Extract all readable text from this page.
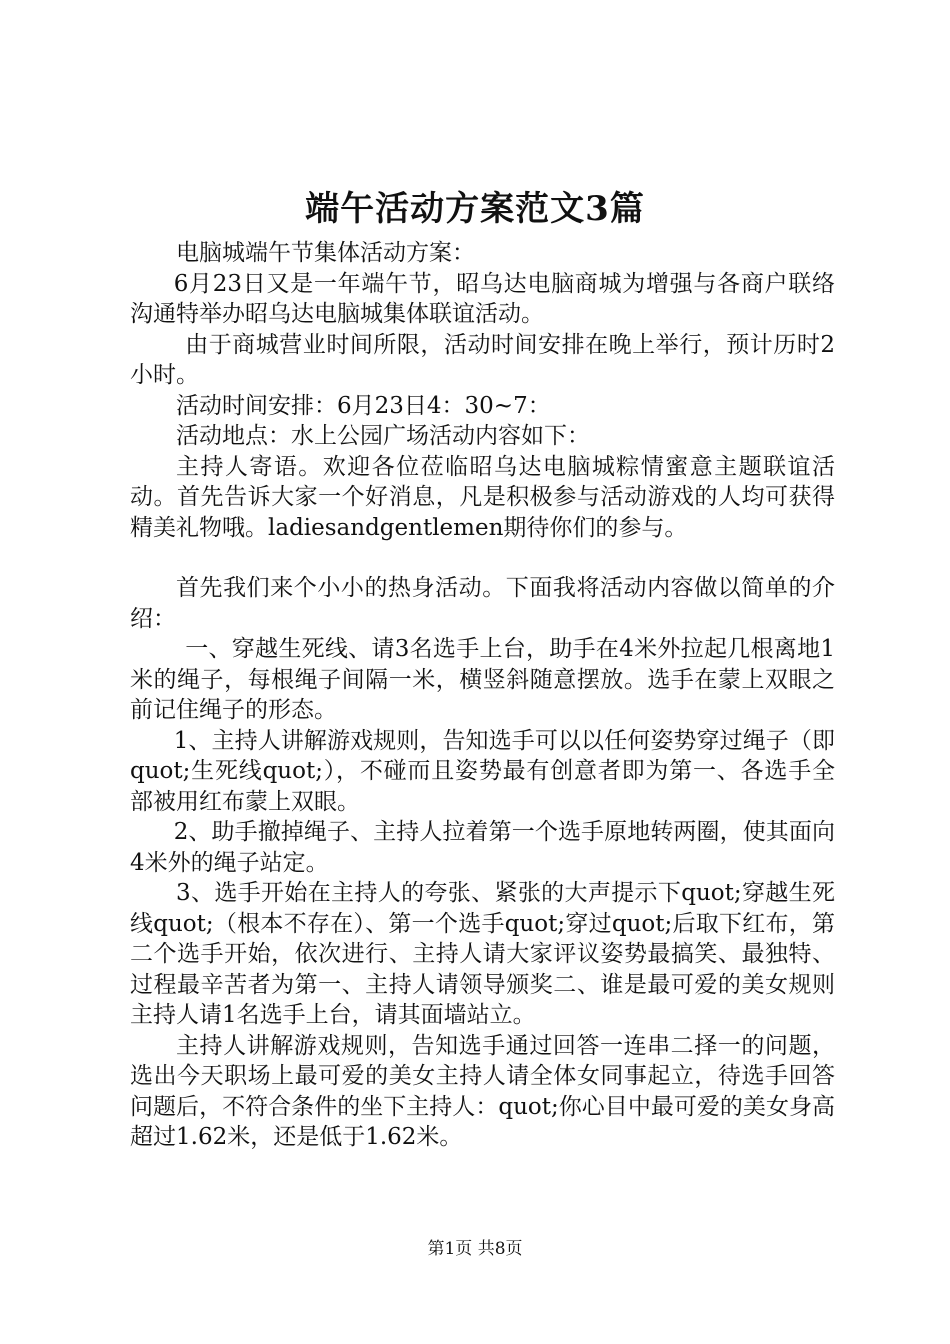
端午活动方案范文3篇

电脑城端午节集体活动方案：

6月23日又是一年端午节，昭乌达电脑商城为增强与各商户联络沟通特举办昭乌达电脑城集体联谊活动。

由于商城营业时间所限，活动时间安排在晚上举行，预计历时2小时。

活动时间安排：6月23日4：30~7：

活动地点：水上公园广场活动内容如下：

主持人寄语。欢迎各位莅临昭乌达电脑城粽情蜜意主题联谊活动。首先告诉大家一个好消息，凡是积极参与活动游戏的人均可获得精美礼物哦。ladiesandgentlemen期待你们的参与。

首先我们来个小小的热身活动。下面我将活动内容做以简单的介绍：

一、穿越生死线、请3名选手上台，助手在4米外拉起几根离地1米的绳子，每根绳子间隔一米，横竖斜随意摆放。选手在蒙上双眼之前记住绳子的形态。

1、主持人讲解游戏规则，告知选手可以以任何姿势穿过绳子（即quot;生死线quot;），不碰而且姿势最有创意者即为第一、各选手全部被用红布蒙上双眼。

2、助手撤掉绳子、主持人拉着第一个选手原地转两圈，使其面向4米外的绳子站定。

3、选手开始在主持人的夸张、紧张的大声提示下quot;穿越生死线quot;（根本不存在）、第一个选手quot;穿过quot;后取下红布，第二个选手开始，依次进行、主持人请大家评议姿势最搞笑、最独特、过程最辛苦者为第一、主持人请领导颁奖二、谁是最可爱的美女规则主持人请1名选手上台，请其面墙站立。

主持人讲解游戏规则，告知选手通过回答一连串二择一的问题，选出今天职场上最可爱的美女主持人请全体女同事起立，待选手回答问题后，不符合条件的坐下主持人：quot;你心目中最可爱的美女身高超过1.62米，还是低于1.62米。

第1页 共8页
